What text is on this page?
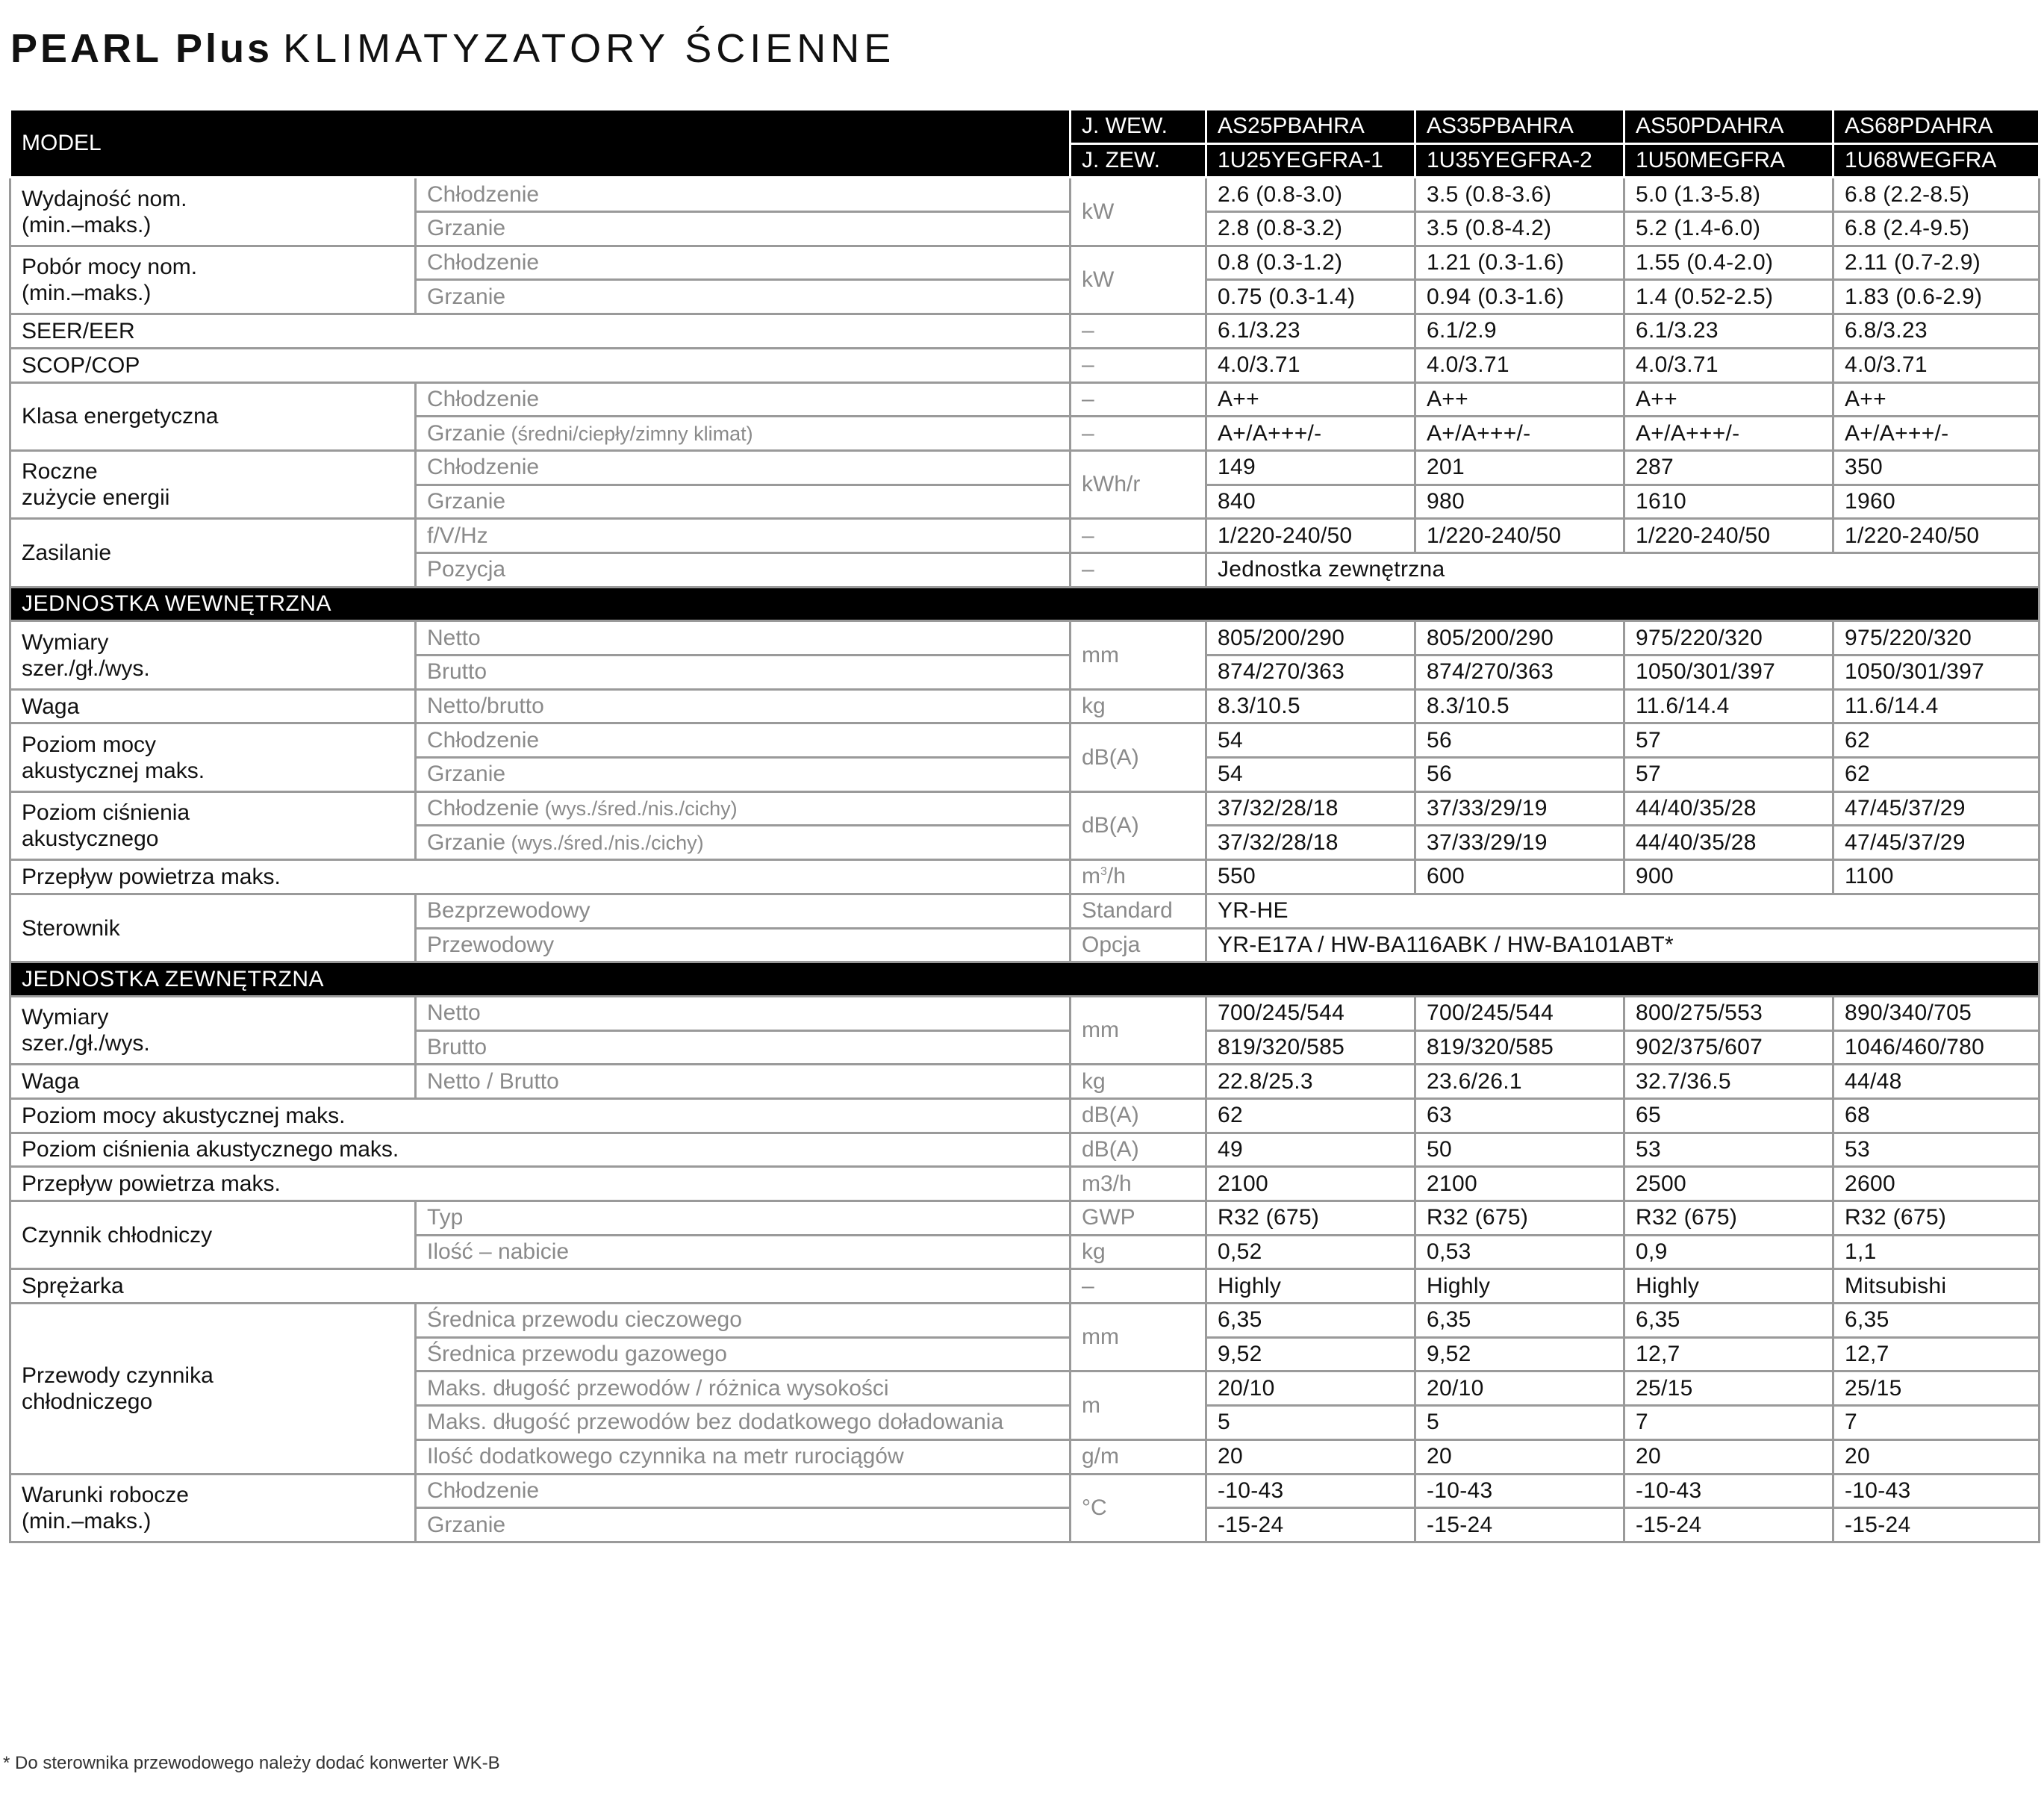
PEARL Plus KLIMATYZATORY ŚCIENNE
MODEL		J. WEW.	AS25PBAHRA	AS35PBAHRA	AS50PDAHRA	AS68PDAHRA
		J. ZEW.	1U25YEGFRA-1	1U35YEGFRA-2	1U50MEGFRA	1U68WEGFRA
Wydajność nom.
(min.–maks.)	Chłodzenie	kW	2.6 (0.8-3.0)	3.5 (0.8-3.6)	5.0 (1.3-5.8)	6.8 (2.2-8.5)
	Grzanie		2.8 (0.8-3.2)	3.5 (0.8-4.2)	5.2 (1.4-6.0)	6.8 (2.4-9.5)
Pobór mocy nom.
(min.–maks.)	Chłodzenie	kW	0.8 (0.3-1.2)	1.21 (0.3-1.6)	1.55 (0.4-2.0)	2.11 (0.7-2.9)
	Grzanie		0.75 (0.3-1.4)	0.94 (0.3-1.6)	1.4 (0.52-2.5)	1.83 (0.6-2.9)
SEER/EER		–	6.1/3.23	6.1/2.9	6.1/3.23	6.8/3.23
SCOP/COP		–	4.0/3.71	4.0/3.71	4.0/3.71	4.0/3.71
Klasa energetyczna	Chłodzenie	–	A++	A++	A++	A++
	Grzanie (średni/ciepły/zimny klimat)	–	A+/A+++/-	A+/A+++/-	A+/A+++/-	A+/A+++/-
Roczne
zużycie energii	Chłodzenie	kWh/r	149	201	287	350
	Grzanie		840	980	1610	1960
Zasilanie	f/V/Hz	–	1/220-240/50	1/220-240/50	1/220-240/50	1/220-240/50
	Pozycja	–	Jednostka zewnętrzna			
JEDNOSTKA WEWNĘTRZNA						
Wymiary
szer./gł./wys.	Netto	mm	805/200/290	805/200/290	975/220/320	975/220/320
	Brutto		874/270/363	874/270/363	1050/301/397	1050/301/397
Waga	Netto/brutto	kg	8.3/10.5	8.3/10.5	11.6/14.4	11.6/14.4
Poziom mocy
akustycznej maks.	Chłodzenie	dB(A)	54	56	57	62
	Grzanie		54	56	57	62
Poziom ciśnienia
akustycznego	Chłodzenie (wys./śred./nis./cichy)	dB(A)	37/32/28/18	37/33/29/19	44/40/35/28	47/45/37/29
	Grzanie (wys./śred./nis./cichy)		37/32/28/18	37/33/29/19	44/40/35/28	47/45/37/29
Przepływ powietrza maks.		$m^3/h$	550	600	900	1100
Sterownik	Bezprzewodowy	Standard	YR-HE			
	Przewodowy	Opcja	YR-E17A / HW-BA116ABK / HW-BA101ABT*			
JEDNOSTKA ZEWNĘTRZNA						
Wymiary
szer./gł./wys.	Netto	mm	700/245/544	700/245/544	800/275/553	890/340/705
	Brutto		819/320/585	819/320/585	902/375/607	1046/460/780
Waga	Netto / Brutto	kg	22.8/25.3	23.6/26.1	32.7/36.5	44/48
Poziom mocy akustycznej maks.		dB(A)	62	63	65	68
Poziom ciśnienia akustycznego maks.		dB(A)	49	50	53	53
Przepływ powietrza maks.		m3/h	2100	2100	2500	2600
Czynnik chłodniczy	Typ	GWP	R32 (675)	R32 (675)	R32 (675)	R32 (675)
	Ilość – nabicie	kg	0,52	0,53	0,9	1,1
Sprężarka		–	Highly	Highly	Highly	Mitsubishi
Przewody czynnika
chłodniczego	Średnica przewodu cieczowego	mm	6,35	6,35	6,35	6,35
	Średnica przewodu gazowego		9,52	9,52	12,7	12,7
	Maks. długość przewodów / różnica wysokości	m	20/10	20/10	25/15	25/15
	Maks. długość przewodów bez dodatkowego doładowania		5	5	7	7
	Ilość dodatkowego czynnika na metr rurociągów	g/m	20	20	20	20
Warunki robocze
(min.–maks.)	Chłodzenie	°C	-10-43	-10-43	-10-43	-10-43
	Grzanie		-15-24	-15-24	-15-24	-15-24
* Do sterownika przewodowego należy dodać konwerter WK-B
